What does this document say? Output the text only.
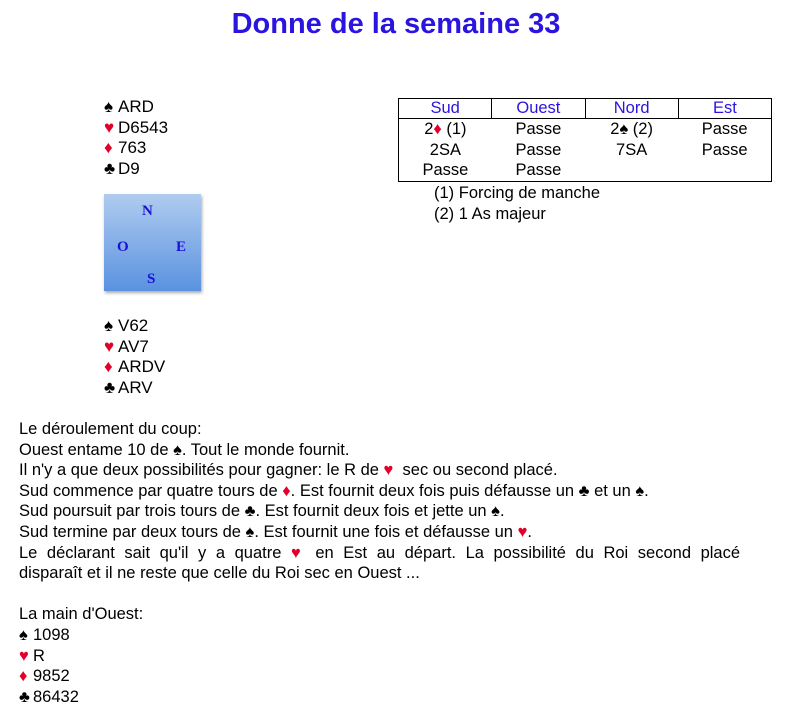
Donne de la semaine 33
♠ ARD
♥ D6543
♦ 763
♣ D9
N
O	E
S
♠ V62
♥ AV7
♦ ARDV
♣ ARV
Sud	Ouest	Nord	Est
2♦ (1)	Passe	2♠ (2)	Passe
2SA	Passe	7SA	Passe
Passe	Passe		
(1) Forcing de manche
(2) 1 As majeur
Le déroulement du coup:
Ouest entame 10 de ♠. Tout le monde fournit.
Il n'y a que deux possibilités pour gagner: le R de ♥  sec ou second placé.
Sud commence par quatre tours de ♦. Est fournit deux fois puis défausse un ♣ et un ♠.
Sud poursuit par trois tours de ♣. Est fournit deux fois et jette un ♠.
Sud termine par deux tours de ♠. Est fournit une fois et défausse un ♥.
Le déclarant sait qu'il y a quatre ♥ en Est au départ. La possibilité du Roi second placé
disparaît et il ne reste que celle du Roi sec en Ouest ...
La main d'Ouest:
♠ 1098
♥ R
♦ 9852
♣ 86432
